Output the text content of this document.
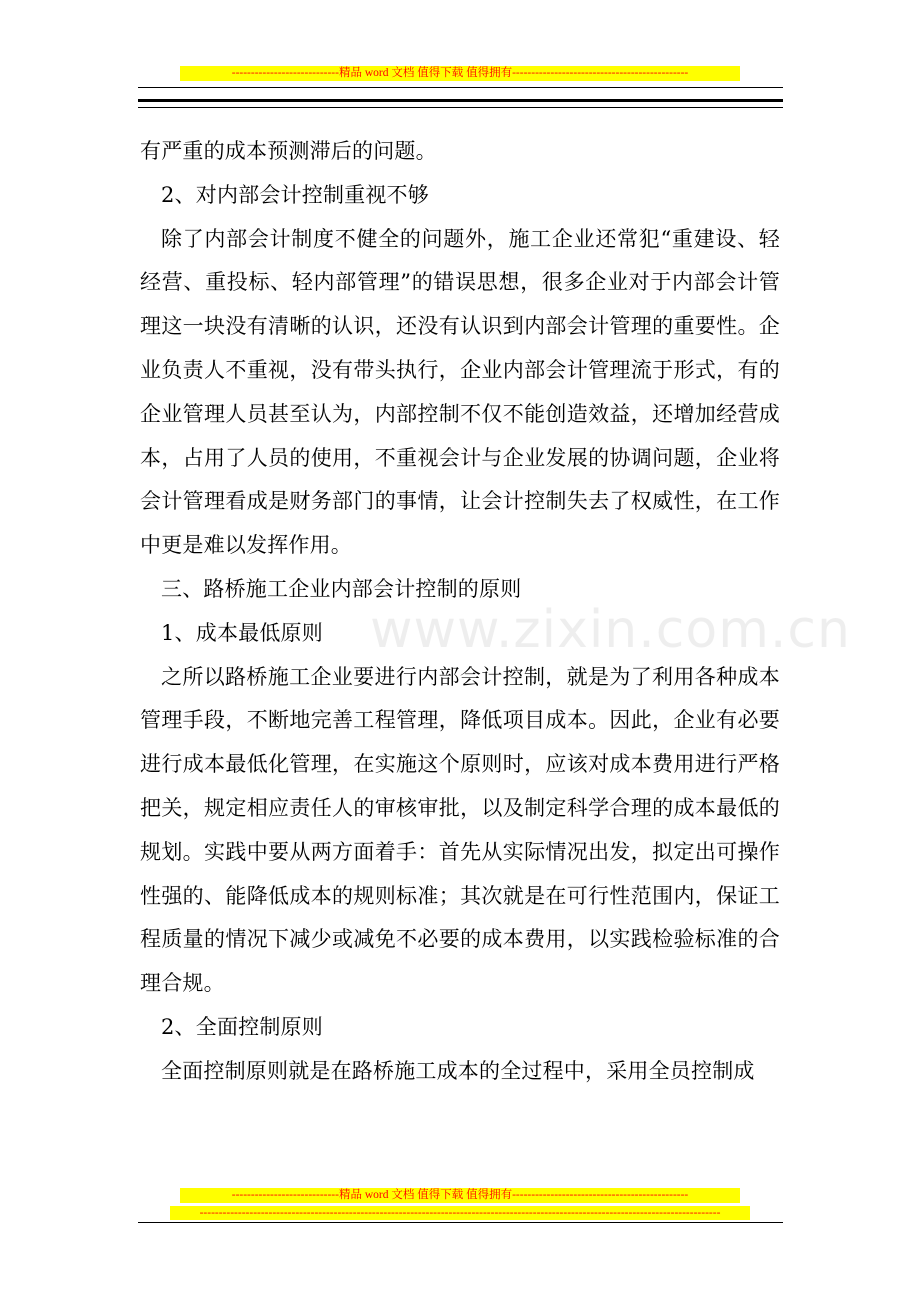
----------------------------精品 word 文档 值得下载 值得拥有----------------------------------------------
www.zixin.com.cn

有严重的成本预测滞后的问题。

2、对内部会计控制重视不够

除了内部会计制度不健全的问题外，施工企业还常犯“重建设、轻经营、重投标、轻内部管理”的错误思想，很多企业对于内部会计管理这一块没有清晰的认识，还没有认识到内部会计管理的重要性。企业负责人不重视，没有带头执行，企业内部会计管理流于形式，有的企业管理人员甚至认为，内部控制不仅不能创造效益，还增加经营成本，占用了人员的使用，不重视会计与企业发展的协调问题，企业将会计管理看成是财务部门的事情，让会计控制失去了权威性，在工作中更是难以发挥作用。

三、路桥施工企业内部会计控制的原则

1、成本最低原则

之所以路桥施工企业要进行内部会计控制，就是为了利用各种成本管理手段，不断地完善工程管理，降低项目成本。因此，企业有必要进行成本最低化管理，在实施这个原则时，应该对成本费用进行严格把关，规定相应责任人的审核审批，以及制定科学合理的成本最低的规划。实践中要从两方面着手：首先从实际情况出发，拟定出可操作性强的、能降低成本的规则标准；其次就是在可行性范围内，保证工程质量的情况下减少或减免不必要的成本费用，以实践检验标准的合理合规。

2、全面控制原则

全面控制原则就是在路桥施工成本的全过程中，采用全员控制成

----------------------------精品 word 文档 值得下载 值得拥有----------------------------------------------
----------------------------------------------------------------------------------------------------------------------------------------
